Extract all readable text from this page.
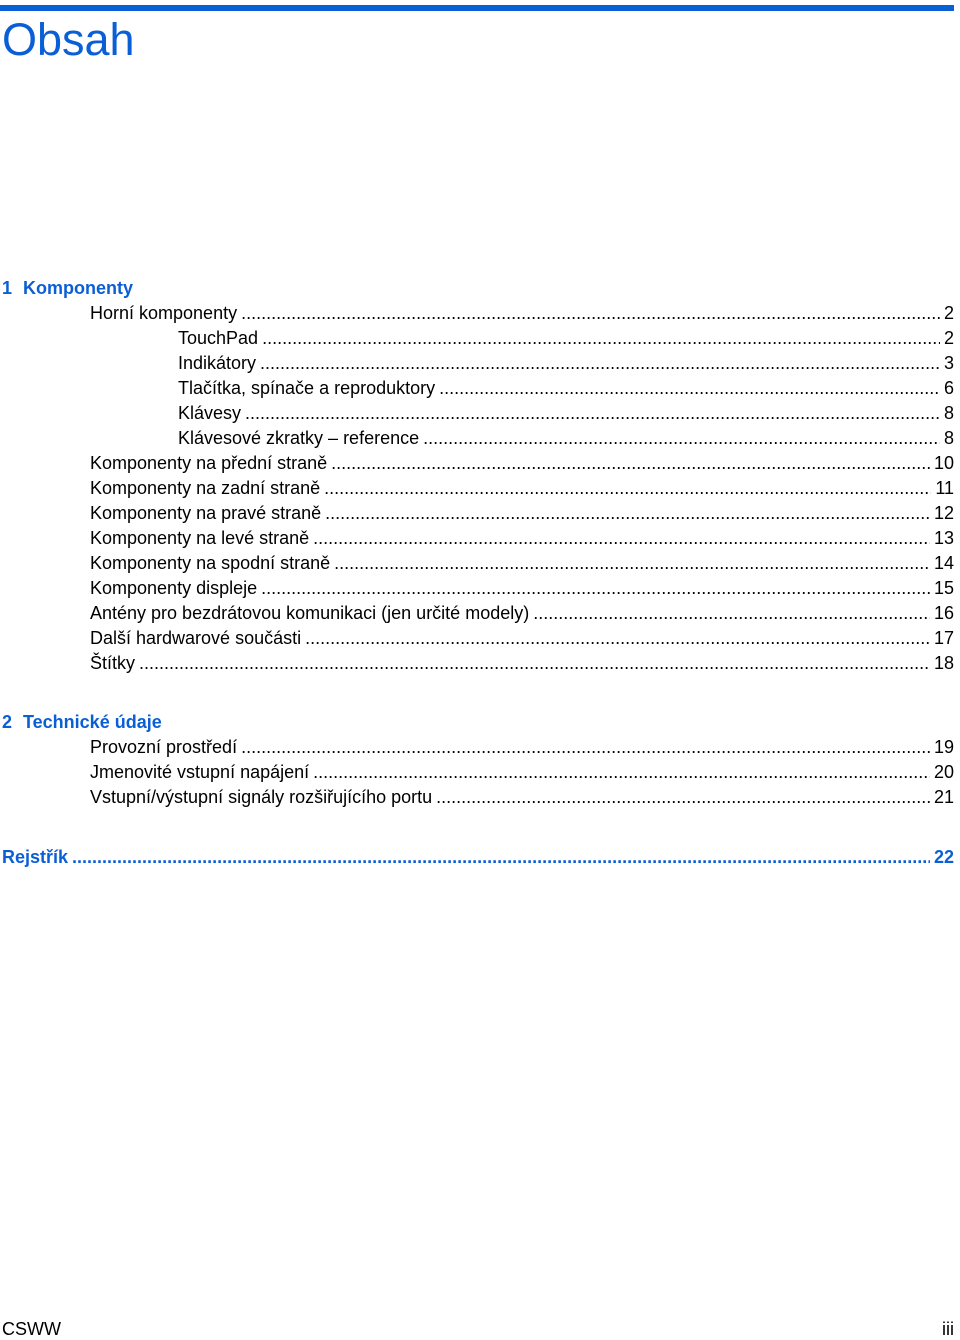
Obsah
1 Komponenty
Horní komponenty .....	2
TouchPad .....	2
Indikátory .....	3
Tlačítka, spínače a reproduktory .....	6
Klávesy .....	8
Klávesové zkratky – reference .....	8
Komponenty na přední straně .....	10
Komponenty na zadní straně .....	11
Komponenty na pravé straně .....	12
Komponenty na levé straně .....	13
Komponenty na spodní straně .....	14
Komponenty displeje .....	15
Antény pro bezdrátovou komunikaci (jen určité modely) .....	16
Další hardwarové součásti .....	17
Štítky .....	18
2 Technické údaje
Provozní prostředí .....	19
Jmenovité vstupní napájení .....	20
Vstupní/výstupní signály rozšiřujícího portu .....	21
Rejstřík .....	22
CSWW	iii
